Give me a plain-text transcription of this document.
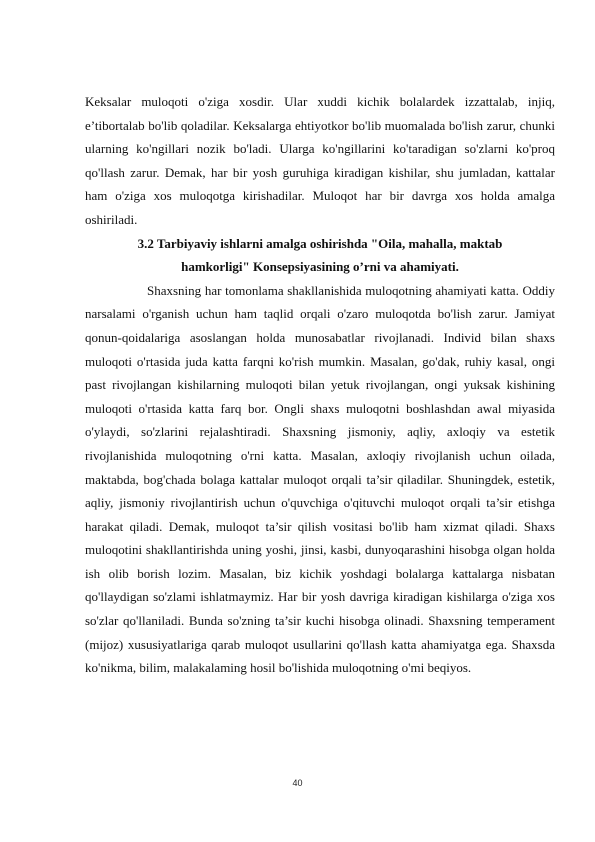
Keksalar muloqoti o'ziga xosdir. Ular xuddi kichik bolalardek izzattalab, injiq, e’tibortalab bo'lib qoladilar. Keksalarga ehtiyotkor bo'lib muomalada bo'lish zarur, chunki ularning ko'ngillari nozik bo'ladi. Ularga ko'ngillarini ko'taradigan so'zlarni ko'proq qo'llash zarur. Demak, har bir yosh guruhiga kiradigan kishilar, shu jumladan, kattalar ham o'ziga xos muloqotga kirishadilar. Muloqot har bir davrga xos holda amalga oshiriladi.

3.2 Tarbiyaviy ishlarni amalga oshirishda "Oila, mahalla, maktab

hamkorligi" Konsepsiyasining o’rni va ahamiyati.

Shaxsning har tomonlama shakllanishida muloqotning ahamiyati katta. Oddiy narsalami o'rganish uchun ham taqlid orqali o'zaro muloqotda bo'lish zarur. Jamiyat qonun-qoidalariga asoslangan holda munosabatlar rivojlanadi. Individ bilan shaxs muloqoti o'rtasida juda katta farqni ko'rish mumkin. Masalan, go'dak, ruhiy kasal, ongi past rivojlangan kishilarning muloqoti bilan yetuk rivojlangan, ongi yuksak kishining muloqoti o'rtasida katta farq bor. Ongli shaxs muloqotni boshlashdan awal miyasida o'ylaydi, so'zlarini rejalashtiradi. Shaxsning jismoniy, aqliy, axloqiy va estetik rivojlanishida muloqotning o'rni katta. Masalan, axloqiy rivojlanish uchun oilada, maktabda, bog'chada bolaga kattalar muloqot orqali ta’sir qiladilar. Shuningdek, estetik, aqliy, jismoniy rivojlantirish uchun o'quvchiga o'qituvchi muloqot orqali ta’sir etishga harakat qiladi. Demak, muloqot ta’sir qilish vositasi bo'lib ham xizmat qiladi. Shaxs muloqotini shakllantirishda uning yoshi, jinsi, kasbi, dunyoqarashini hisobga olgan holda ish olib borish lozim. Masalan, biz kichik yoshdagi bolalarga kattalarga nisbatan qo'llaydigan so'zlami ishlatmaymiz. Har bir yosh davriga kiradigan kishilarga o'ziga xos so'zlar qo'llaniladi. Bunda so'zning ta’sir kuchi hisobga olinadi. Shaxsning temperament (mijoz) xususiyatlariga qarab muloqot usullarini qo'llash katta ahamiyatga ega. Shaxsda ko'nikma, bilim, malakalaming hosil bo'lishida muloqotning o'mi beqiyos.

40
